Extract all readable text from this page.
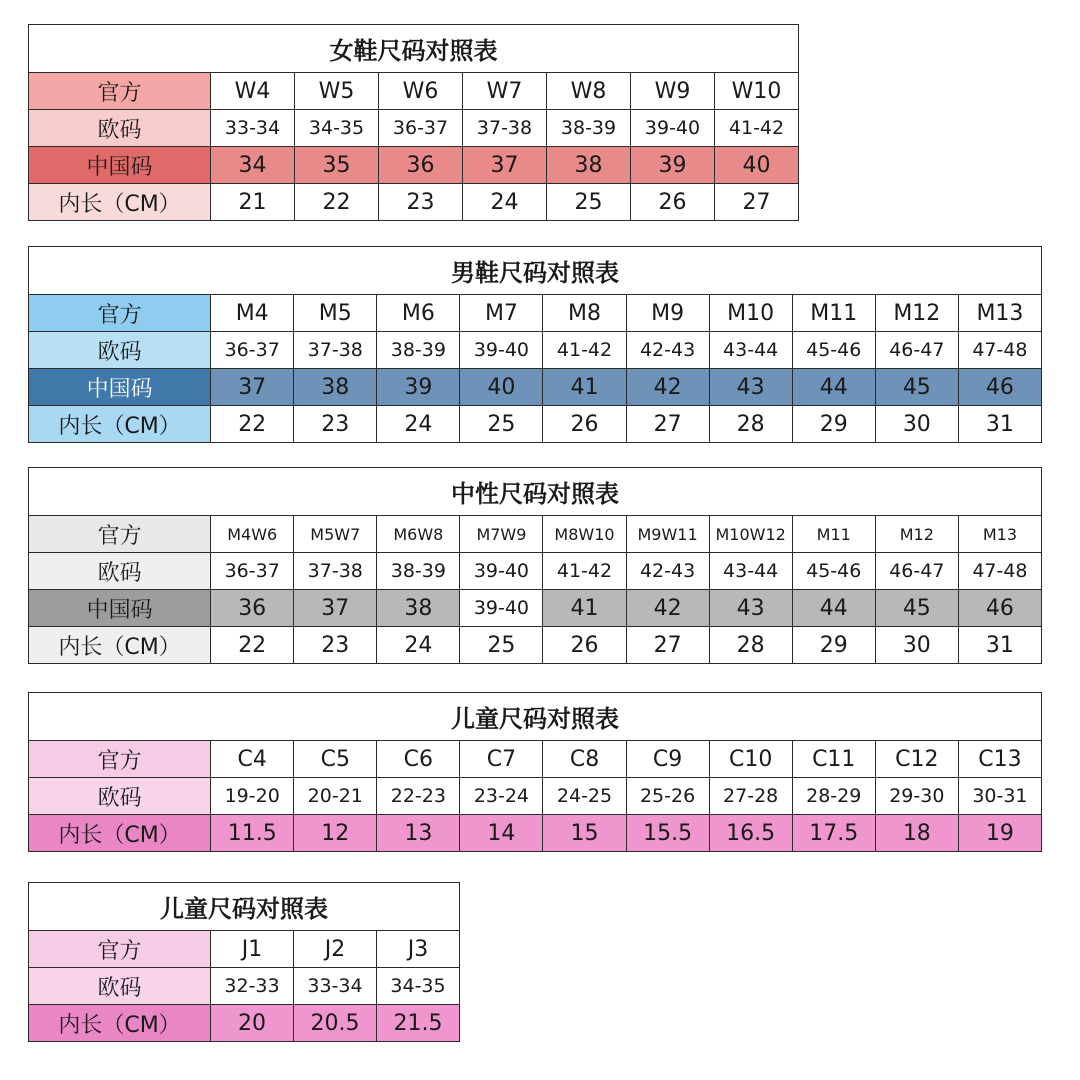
女鞋尺码对照表							
官方	W4	W5	W6	W7	W8	W9	W10
欧码	33-34	34-35	36-37	37-38	38-39	39-40	41-42
中国码	34	35	36	37	38	39	40
内长（CM）	21	22	23	24	25	26	27
男鞋尺码对照表										
官方	M4	M5	M6	M7	M8	M9	M10	M11	M12	M13
欧码	36-37	37-38	38-39	39-40	41-42	42-43	43-44	45-46	46-47	47-48
中国码	37	38	39	40	41	42	43	44	45	46
内长（CM）	22	23	24	25	26	27	28	29	30	31
中性尺码对照表										
官方	M4W6	M5W7	M6W8	M7W9	M8W10	M9W11	M10W12	M11	M12	M13
欧码	36-37	37-38	38-39	39-40	41-42	42-43	43-44	45-46	46-47	47-48
中国码	36	37	38	39-40	41	42	43	44	45	46
内长（CM）	22	23	24	25	26	27	28	29	30	31
儿童尺码对照表										
官方	C4	C5	C6	C7	C8	C9	C10	C11	C12	C13
欧码	19-20	20-21	22-23	23-24	24-25	25-26	27-28	28-29	29-30	30-31
内长（CM）	11.5	12	13	14	15	15.5	16.5	17.5	18	19
儿童尺码对照表			
官方	J1	J2	J3
欧码	32-33	33-34	34-35
内长（CM）	20	20.5	21.5
